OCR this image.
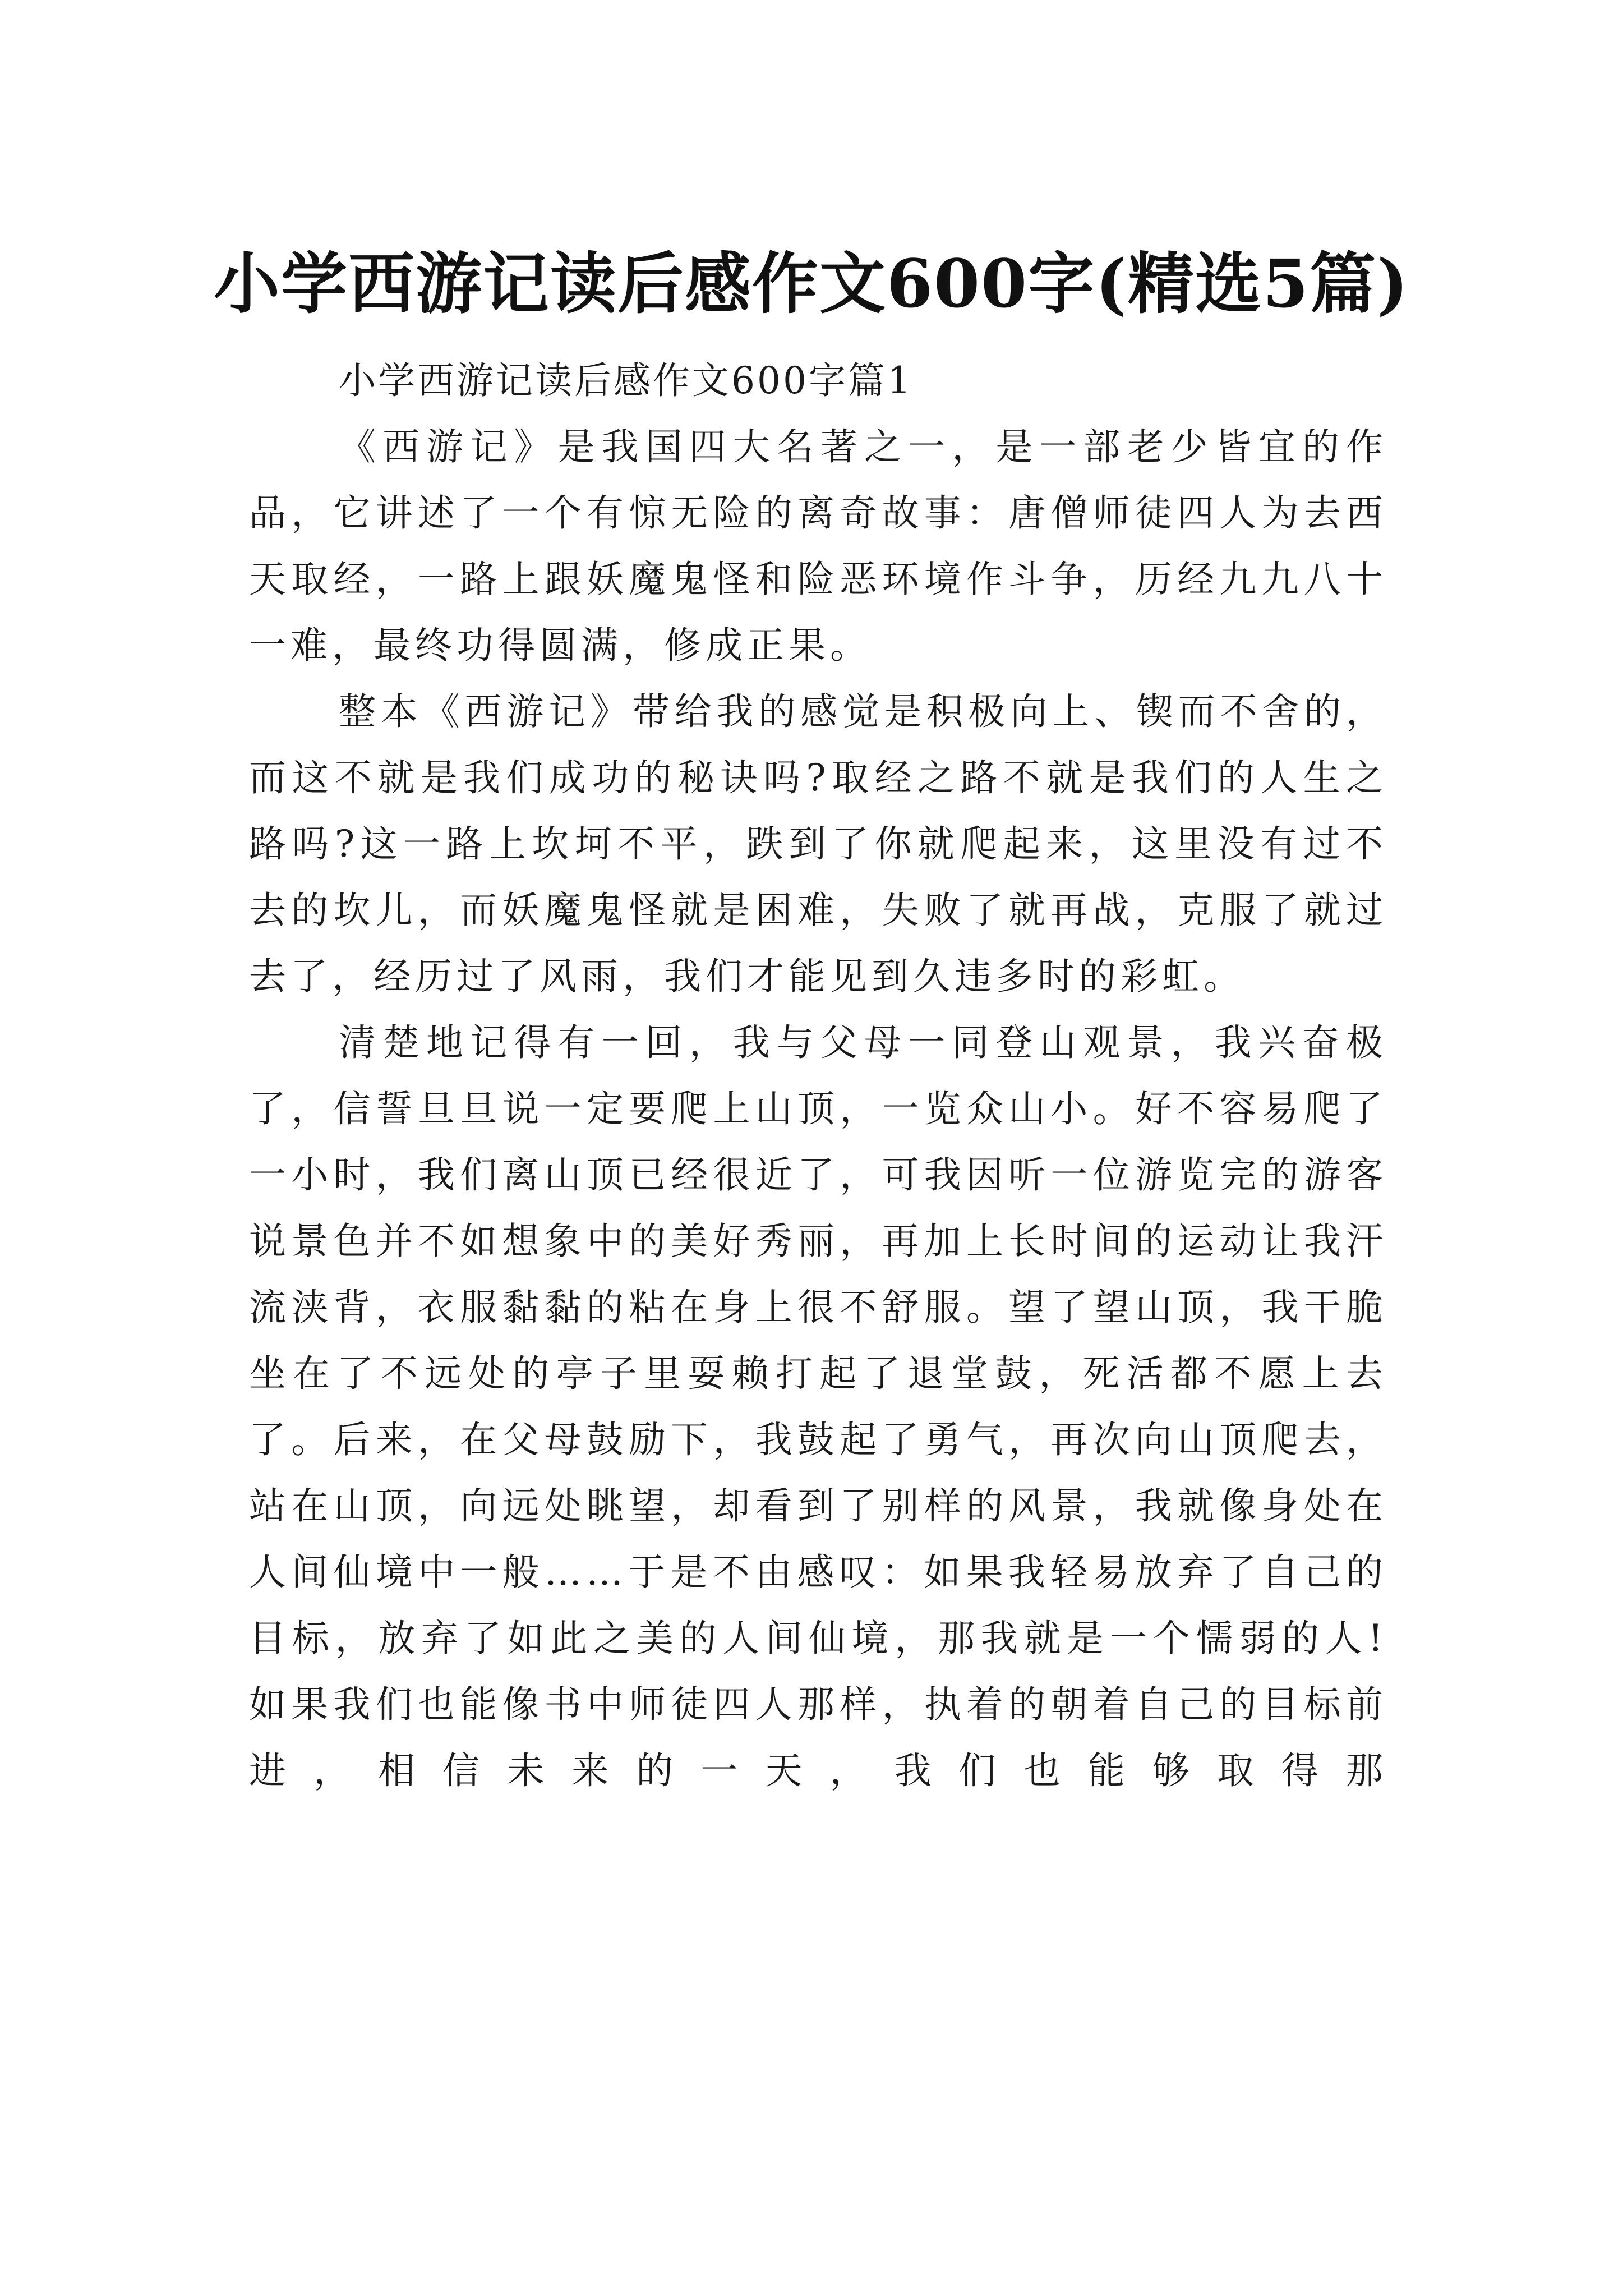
小学西游记读后感作文600字(精选5篇)
小学西游记读后感作文600字篇1

《西游记》是我国四大名著之一，是一部老少皆宜的作品，它讲述了一个有惊无险的离奇故事：唐僧师徒四人为去西天取经，一路上跟妖魔鬼怪和险恶环境作斗争，历经九九八十一难，最终功得圆满，修成正果。

整本《西游记》带给我的感觉是积极向上、锲而不舍的，而这不就是我们成功的秘诀吗?取经之路不就是我们的人生之路吗?这一路上坎坷不平，跌到了你就爬起来，这里没有过不去的坎儿，而妖魔鬼怪就是困难，失败了就再战，克服了就过去了，经历过了风雨，我们才能见到久违多时的彩虹。

清楚地记得有一回，我与父母一同登山观景，我兴奋极了，信誓旦旦说一定要爬上山顶，一览众山小。好不容易爬了一小时，我们离山顶已经很近了，可我因听一位游览完的游客说景色并不如想象中的美好秀丽，再加上长时间的运动让我汗流浃背，衣服黏黏的粘在身上很不舒服。望了望山顶，我干脆坐在了不远处的亭子里耍赖打起了退堂鼓，死活都不愿上去了。后来，在父母鼓励下，我鼓起了勇气，再次向山顶爬去，站在山顶，向远处眺望，却看到了别样的风景，我就像身处在人间仙境中一般……于是不由感叹：如果我轻易放弃了自己的目标，放弃了如此之美的人间仙境，那我就是一个懦弱的人!如果我们也能像书中师徒四人那样，执着的朝着自己的目标前进，相信未来的一天，我们也能够取得那
